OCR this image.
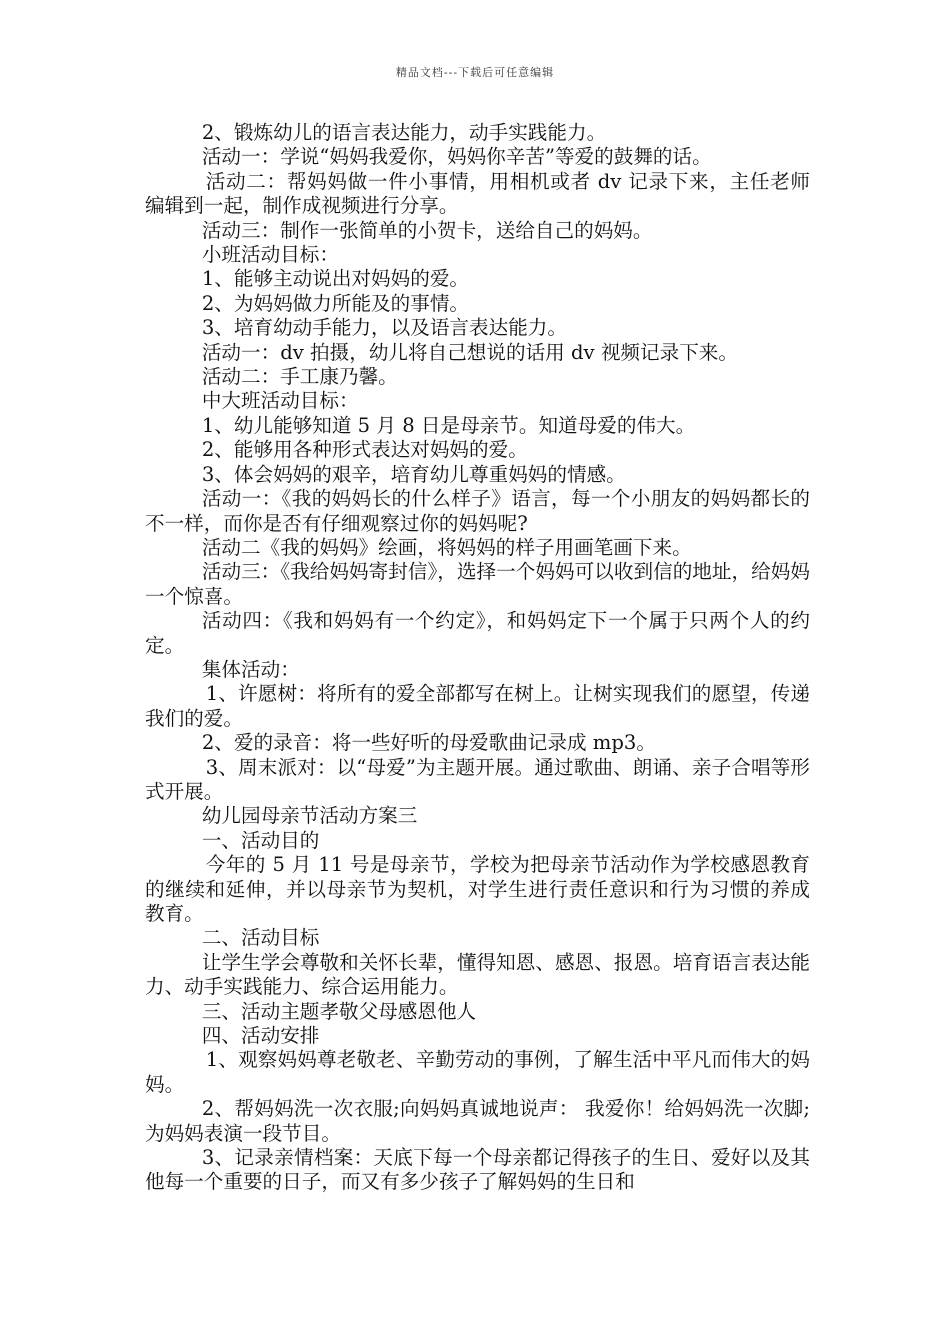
精品文档---下载后可任意编辑

2、锻炼幼儿的语言表达能力，动手实践能力。

活动一：学说“妈妈我爱你，妈妈你辛苦”等爱的鼓舞的话。

活动二：帮妈妈做一件小事情，用相机或者 dv 记录下来，主任老师编辑到一起，制作成视频进行分享。

活动三：制作一张简单的小贺卡，送给自己的妈妈。

小班活动目标：

1、能够主动说出对妈妈的爱。

2、为妈妈做力所能及的事情。

3、培育幼动手能力，以及语言表达能力。

活动一：dv 拍摄，幼儿将自己想说的话用 dv 视频记录下来。

活动二：手工康乃馨。

中大班活动目标：

1、幼儿能够知道 5 月 8 日是母亲节。知道母爱的伟大。

2、能够用各种形式表达对妈妈的爱。

3、体会妈妈的艰辛，培育幼儿尊重妈妈的情感。

活动一：《我的妈妈长的什么样子》语言，每一个小朋友的妈妈都长的不一样，而你是否有仔细观察过你的妈妈呢?

活动二《我的妈妈》绘画，将妈妈的样子用画笔画下来。

活动三：《我给妈妈寄封信》，选择一个妈妈可以收到信的地址，给妈妈一个惊喜。

活动四：《我和妈妈有一个约定》，和妈妈定下一个属于只两个人的约定。

集体活动：

1、许愿树：将所有的爱全部都写在树上。让树实现我们的愿望，传递我们的爱。

2、爱的录音：将一些好听的母爱歌曲记录成 mp3。

3、周末派对：以“母爱”为主题开展。通过歌曲、朗诵、亲子合唱等形式开展。

幼儿园母亲节活动方案三

一、活动目的

今年的 5 月 11 号是母亲节，学校为把母亲节活动作为学校感恩教育的继续和延伸，并以母亲节为契机，对学生进行责任意识和行为习惯的养成教育。

二、活动目标

让学生学会尊敬和关怀长辈，懂得知恩、感恩、报恩。培育语言表达能力、动手实践能力、综合运用能力。

三、活动主题孝敬父母感恩他人

四、活动安排

1、观察妈妈尊老敬老、辛勤劳动的事例，了解生活中平凡而伟大的妈妈。

2、帮妈妈洗一次衣服;向妈妈真诚地说声： 我爱你！给妈妈洗一次脚;为妈妈表演一段节目。

3、记录亲情档案：天底下每一个母亲都记得孩子的生日、爱好以及其他每一个重要的日子，而又有多少孩子了解妈妈的生日和
